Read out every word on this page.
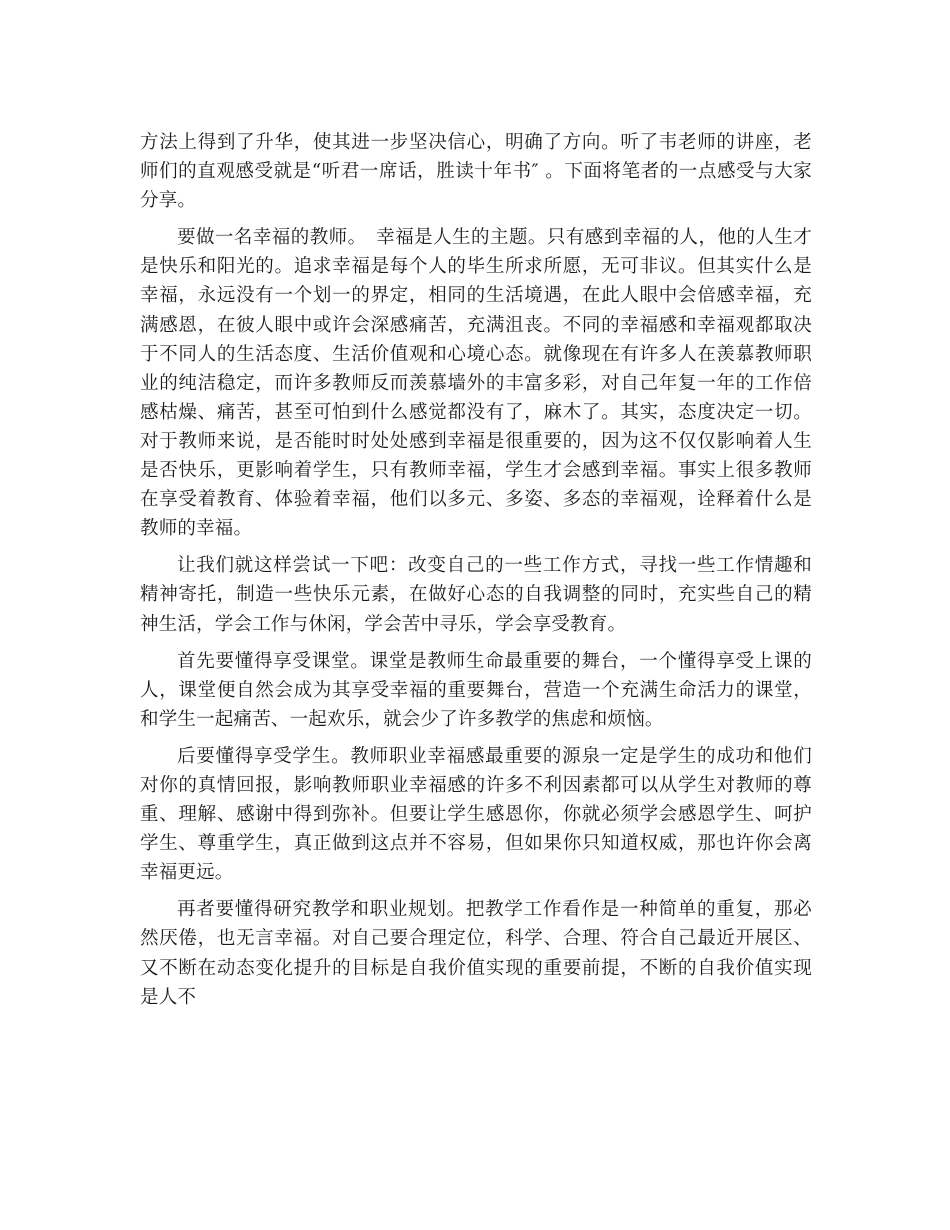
方法上得到了升华，使其进一步坚决信心，明确了方向。听了韦老师的讲座，老师们的直观感受就是“听君一席话，胜读十年书″ 。下面将笔者的一点感受与大家分享。

要做一名幸福的教师。　幸福是人生的主题。只有感到幸福的人，他的人生才是快乐和阳光的。追求幸福是每个人的毕生所求所愿，无可非议。但其实什么是幸福，永远没有一个划一的界定，相同的生活境遇，在此人眼中会倍感幸福，充满感恩，在彼人眼中或许会深感痛苦，充满沮丧。不同的幸福感和幸福观都取决于不同人的生活态度、生活价值观和心境心态。就像现在有许多人在羡慕教师职业的纯洁稳定，而许多教师反而羡慕墙外的丰富多彩，对自己年复一年的工作倍感枯燥、痛苦，甚至可怕到什么感觉都没有了，麻木了。其实，态度决定一切。对于教师来说，是否能时时处处感到幸福是很重要的，因为这不仅仅影响着人生是否快乐，更影响着学生，只有教师幸福，学生才会感到幸福。事实上很多教师在享受着教育、体验着幸福，他们以多元、多姿、多态的幸福观，诠释着什么是教师的幸福。

让我们就这样尝试一下吧：改变自己的一些工作方式，寻找一些工作情趣和精神寄托，制造一些快乐元素，在做好心态的自我调整的同时，充实些自己的精神生活，学会工作与休闲，学会苦中寻乐，学会享受教育。

首先要懂得享受课堂。课堂是教师生命最重要的舞台，一个懂得享受上课的人，课堂便自然会成为其享受幸福的重要舞台，营造一个充满生命活力的课堂，和学生一起痛苦、一起欢乐，就会少了许多教学的焦虑和烦恼。

后要懂得享受学生。教师职业幸福感最重要的源泉一定是学生的成功和他们对你的真情回报，影响教师职业幸福感的许多不利因素都可以从学生对教师的尊重、理解、感谢中得到弥补。但要让学生感恩你，你就必须学会感恩学生、呵护学生、尊重学生，真正做到这点并不容易，但如果你只知道权威，那也许你会离幸福更远。

再者要懂得研究教学和职业规划。把教学工作看作是一种简单的重复，那必然厌倦，也无言幸福。对自己要合理定位，科学、合理、符合自己最近开展区、又不断在动态变化提升的目标是自我价值实现的重要前提，不断的自我价值实现是人不
